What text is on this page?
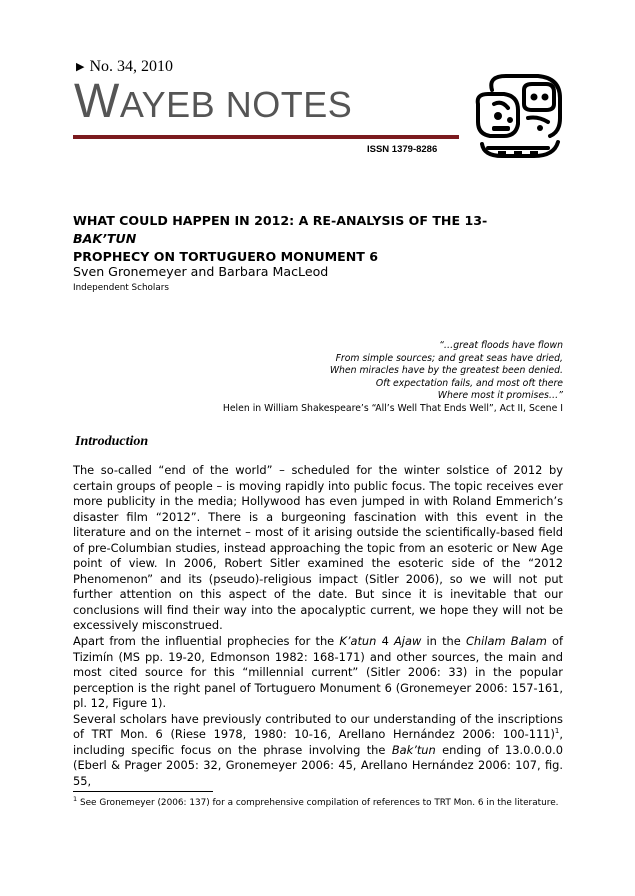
▶ No. 34, 2010
WAYEB NOTES
ISSN 1379-8286
WHAT COULD HAPPEN IN 2012: A RE-ANALYSIS OF THE 13-BAK’TUN
PROPHECY ON TORTUGUERO MONUMENT 6
Sven Gronemeyer and Barbara MacLeod
Independent Scholars
“…great floods have flown
From simple sources; and great seas have dried,
When miracles have by the greatest been denied.
Oft expectation fails, and most oft there
Where most it promises…”
Helen in William Shakespeare’s “All’s Well That Ends Well”, Act II, Scene I
Introduction

The so-called “end of the world” – scheduled for the winter solstice of 2012 by certain groups of people – is moving rapidly into public focus. The topic receives ever more publicity in the media; Hollywood has even jumped in with Roland Emmerich’s disaster film “2012”. There is a burgeoning fascination with this event in the literature and on the internet – most of it arising outside the scientifically-based field of pre-Columbian studies, instead approaching the topic from an esoteric or New Age point of view. In 2006, Robert Sitler examined the esoteric side of the “2012 Phenomenon” and its (pseudo)-religious impact (Sitler 2006), so we will not put further attention on this aspect of the date. But since it is inevitable that our conclusions will find their way into the apocalyptic current, we hope they will not be excessively misconstrued.

Apart from the influential prophecies for the K’atun 4 Ajaw in the Chilam Balam of Tizimín (MS pp. 19-20, Edmonson 1982: 168-171) and other sources, the main and most cited source for this “millennial current” (Sitler 2006: 33) in the popular perception is the right panel of Tortuguero Monument 6 (Gronemeyer 2006: 157-161, pl. 12, Figure 1).

Several scholars have previously contributed to our understanding of the inscriptions of TRT Mon. 6 (Riese 1978, 1980: 10-16, Arellano Hernández 2006: 100-111)$^1$, including specific focus on the phrase involving the Bak’tun ending of 13.0.0.0.0 (Eberl & Prager 2005: 32, Gronemeyer 2006: 45, Arellano Hernández 2006: 107, fig. 55,

$^1$ See Gronemeyer (2006: 137) for a comprehensive compilation of references to TRT Mon. 6 in the literature.
